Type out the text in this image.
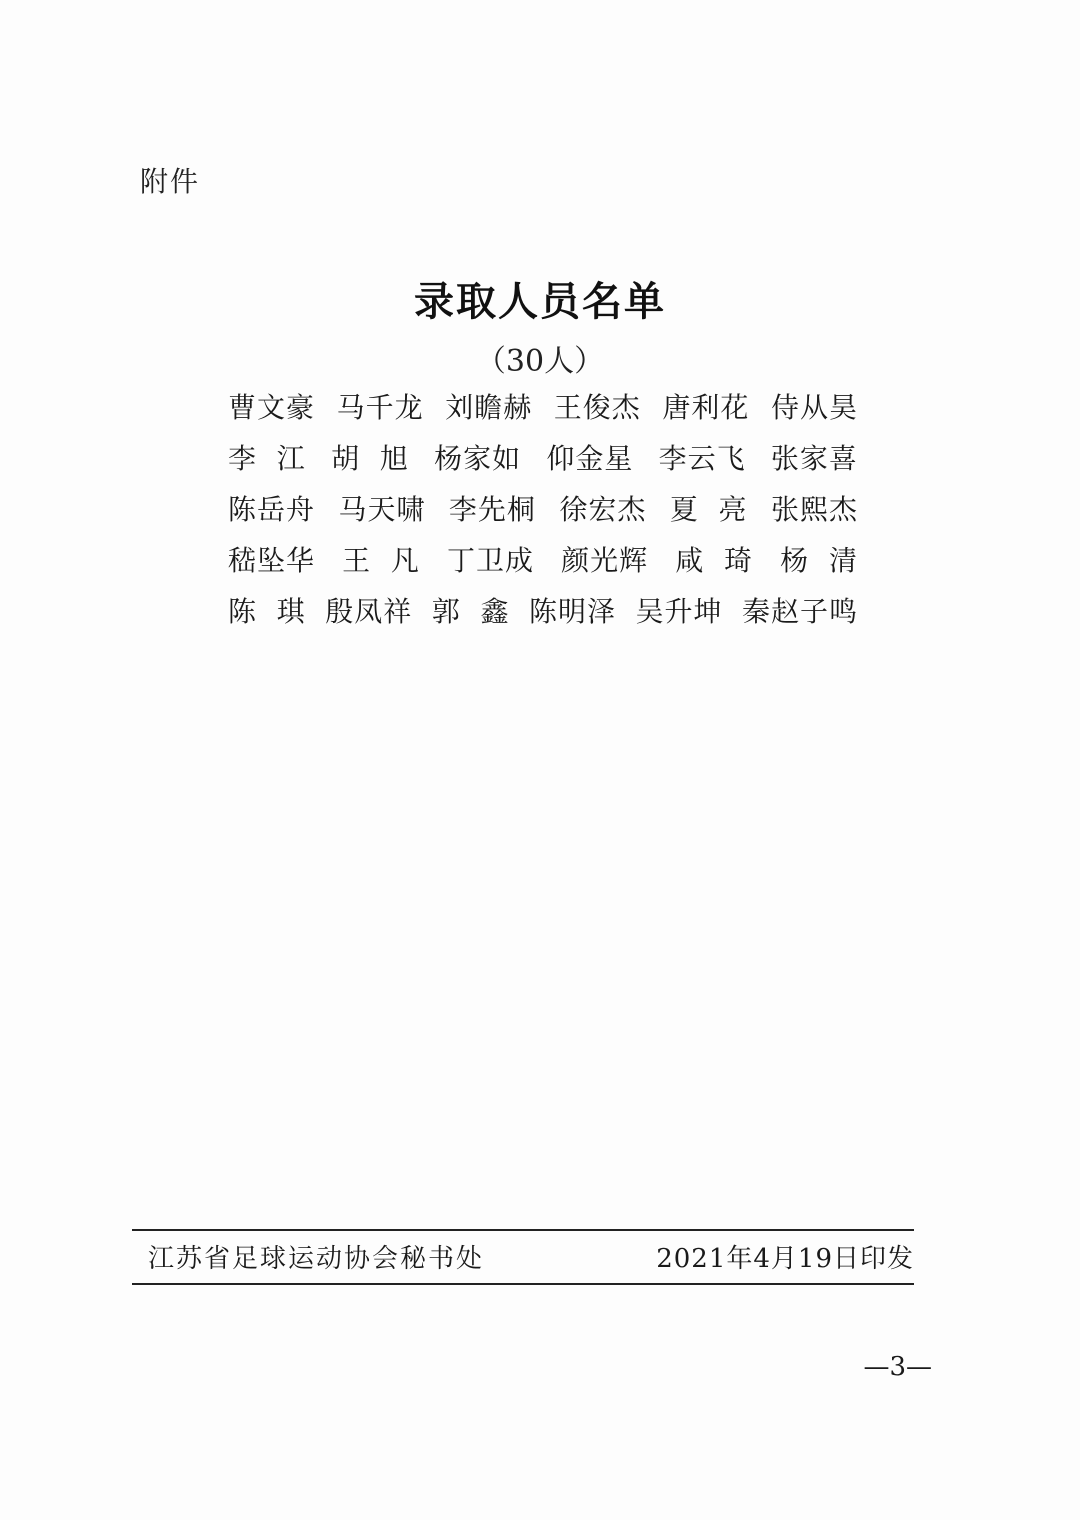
附件
录取人员名单
（30人）
曹文豪 马千龙 刘瞻赫 王俊杰 唐利花 侍从昊
李  江 胡  旭 杨家如 仰金星 李云飞 张家喜
陈岳舟 马天啸 李先桐 徐宏杰 夏  亮 张熙杰
嵇坠华 王  凡 丁卫成 颜光辉 咸  琦 杨  清
陈  琪 殷凤祥 郭  鑫 陈明泽 吴升坤 秦赵子鸣
江苏省足球运动协会秘书处	2021年4月19日印发
—3—
